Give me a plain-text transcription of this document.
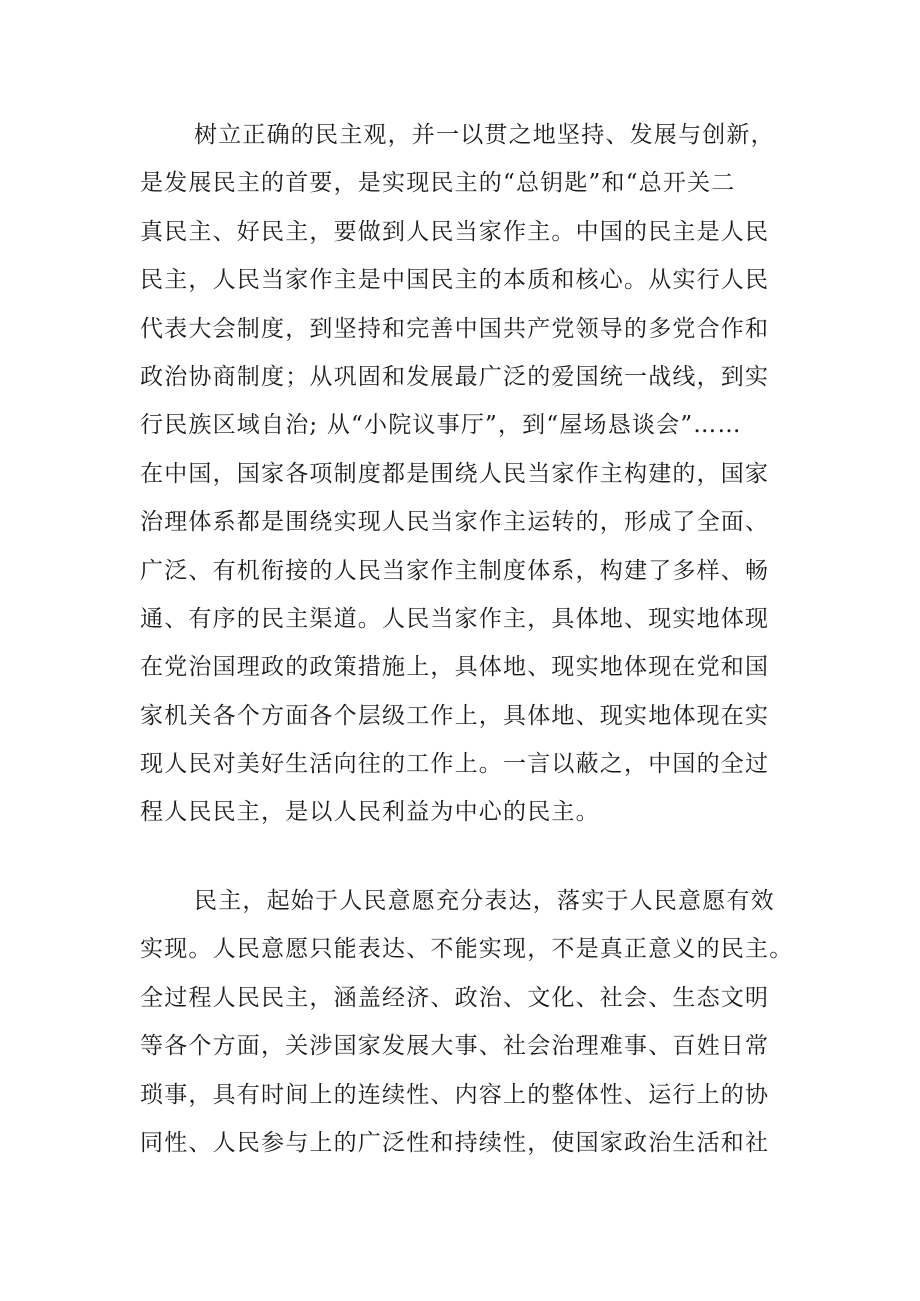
树立正确的民主观，并一以贯之地坚持、发展与创新，
是发展民主的首要，是实现民主的“总钥匙”和“总开关二
真民主、好民主，要做到人民当家作主。中国的民主是人民
民主，人民当家作主是中国民主的本质和核心。从实行人民
代表大会制度，到坚持和完善中国共产党领导的多党合作和
政治协商制度；从巩固和发展最广泛的爱国统一战线，到实
行民族区域自治; 从“小院议事厅”，到“屋场恳谈会”……
在中国，国家各项制度都是围绕人民当家作主构建的，国家
治理体系都是围绕实现人民当家作主运转的，形成了全面、
广泛、有机衔接的人民当家作主制度体系，构建了多样、畅
通、有序的民主渠道。人民当家作主，具体地、现实地体现
在党治国理政的政策措施上，具体地、现实地体现在党和国
家机关各个方面各个层级工作上，具体地、现实地体现在实
现人民对美好生活向往的工作上。一言以蔽之，中国的全过
程人民民主，是以人民利益为中心的民主。
民主，起始于人民意愿充分表达，落实于人民意愿有效
实现。人民意愿只能表达、不能实现，不是真正意义的民主。
全过程人民民主，涵盖经济、政治、文化、社会、生态文明
等各个方面，关涉国家发展大事、社会治理难事、百姓日常
琐事，具有时间上的连续性、内容上的整体性、运行上的协
同性、人民参与上的广泛性和持续性，使国家政治生活和社
